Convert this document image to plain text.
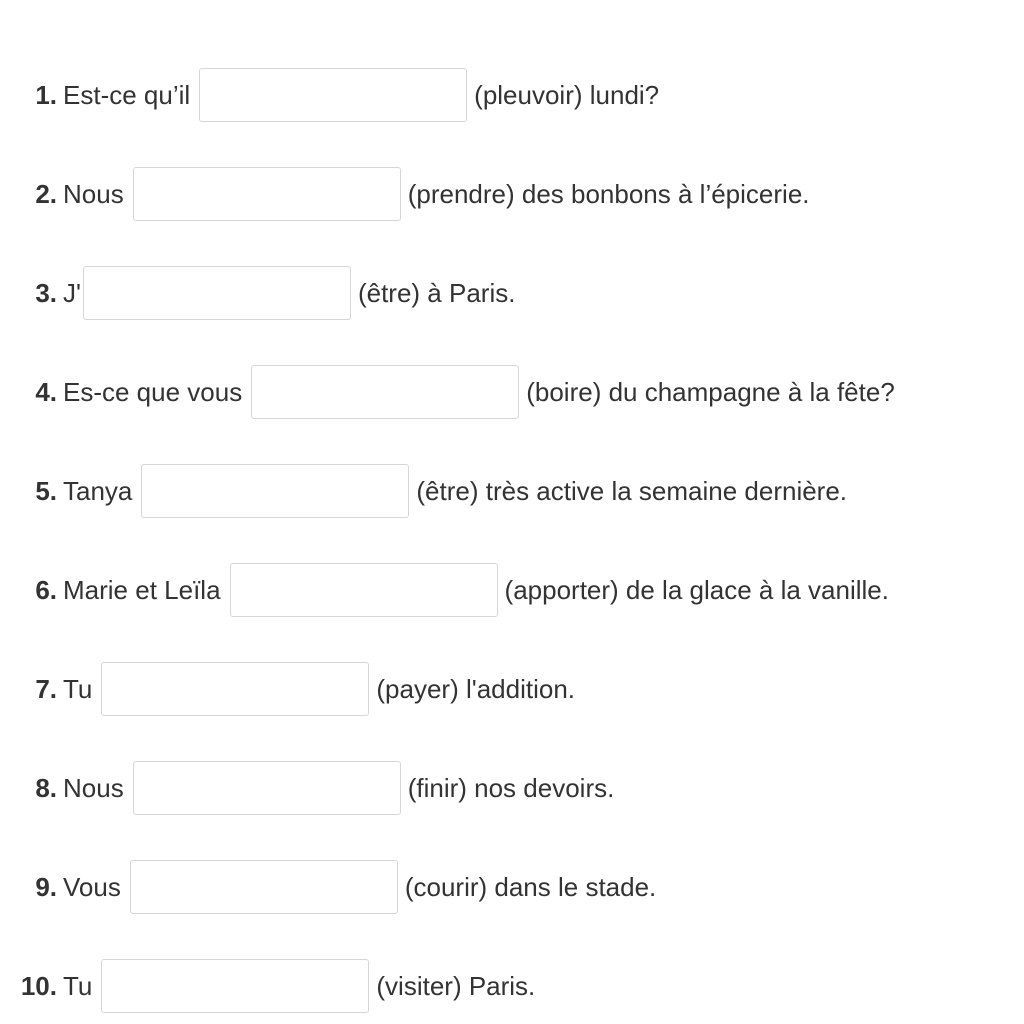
1. Est-ce qu’il	(pleuvoir) lundi?
2. Nous	(prendre) des bonbons à l’épicerie.
3. J'	(être) à Paris.
4. Es-ce que vous	(boire) du champagne à la fête?
5. Tanya	(être) très active la semaine dernière.
6. Marie et Leïla	(apporter) de la glace à la vanille.
7. Tu	(payer) l'addition.
8. Nous	(finir) nos devoirs.
9. Vous	(courir) dans le stade.
10. Tu	(visiter) Paris.
